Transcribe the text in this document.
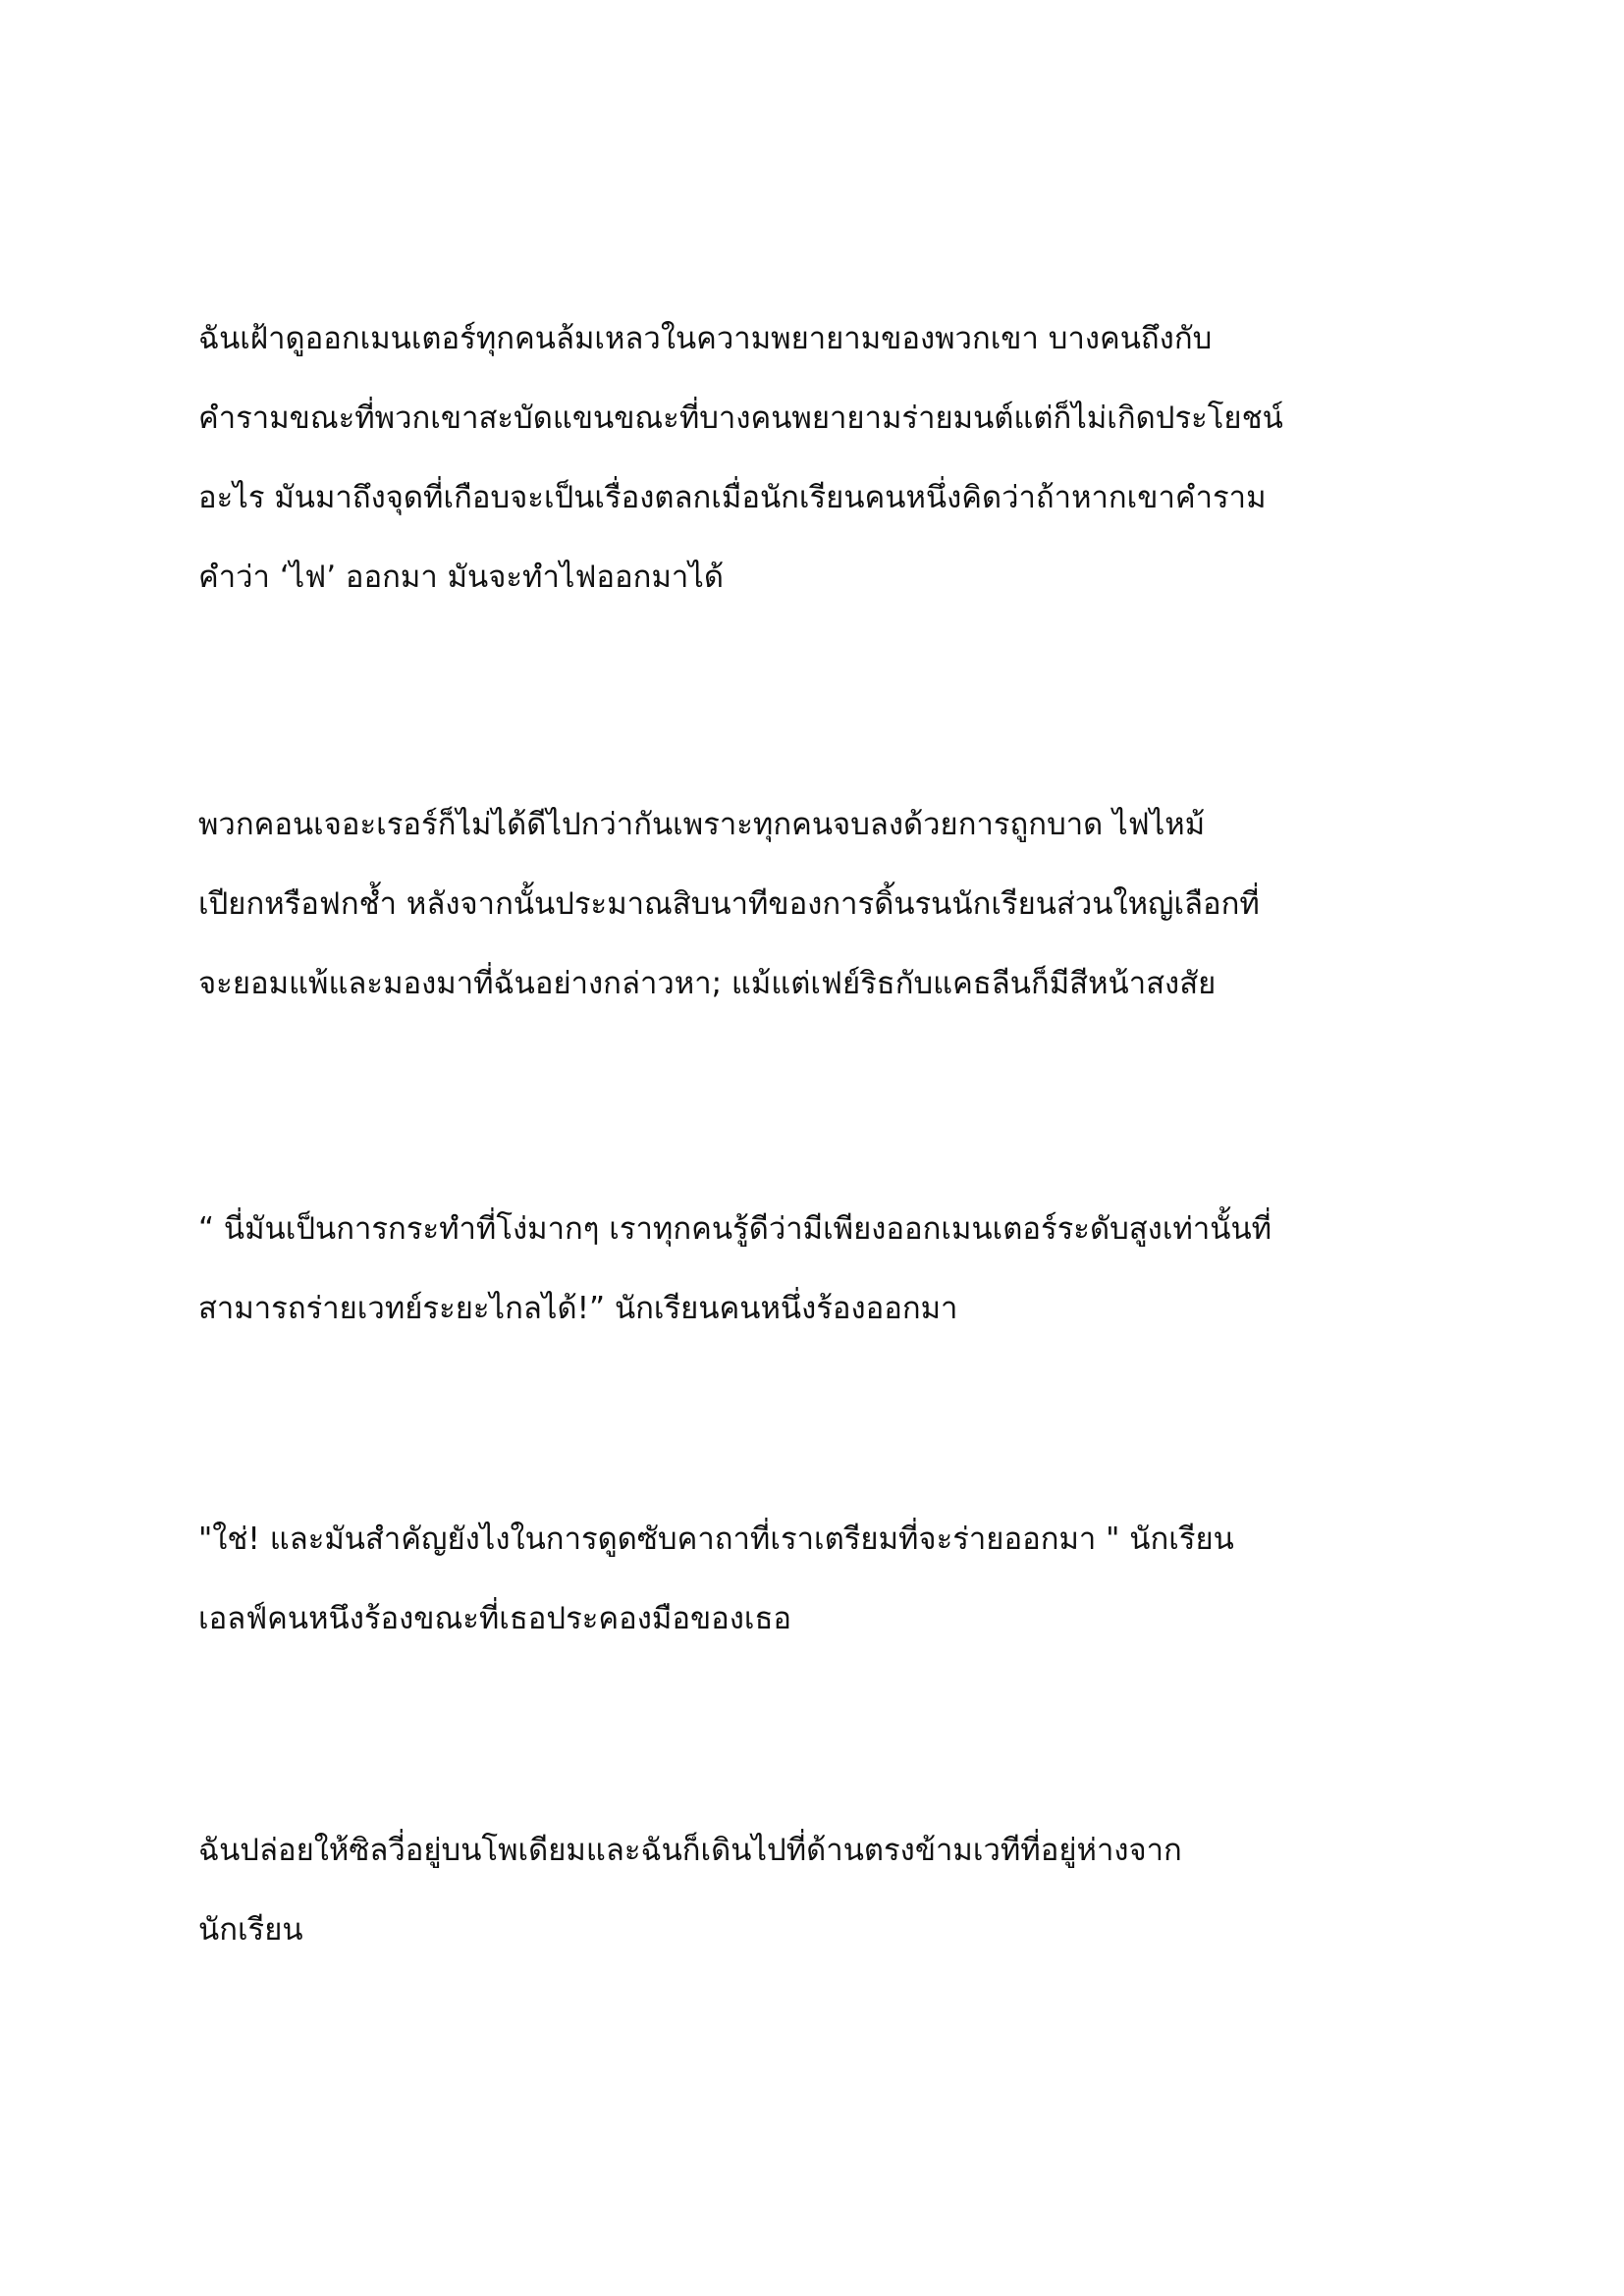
ฉันเฝ้าดูออกเมนเตอร์ทุกคนล้มเหลวในความพยายามของพวกเขา บางคนถึงกับ
คำรามขณะที่พวกเขาสะบัดแขนขณะที่บางคนพยายามร่ายมนต์แต่ก็ไม่เกิดประโยชน์
อะไร มันมาถึงจุดที่เกือบจะเป็นเรื่องตลกเมื่อนักเรียนคนหนึ่งคิดว่าถ้าหากเขาคำราม
คำว่า ‘ไฟ’ ออกมา มันจะทำไฟออกมาได้
พวกคอนเจอะเรอร์ก็ไม่ได้ดีไปกว่ากันเพราะทุกคนจบลงด้วยการถูกบาด ไฟไหม้
เปียกหรือฟกช้ำ หลังจากนั้นประมาณสิบนาทีของการดิ้นรนนักเรียนส่วนใหญ่เลือกที่
จะยอมแพ้และมองมาที่ฉันอย่างกล่าวหา; แม้แต่เฟย์ริธกับแคธลีนก็มีสีหน้าสงสัย
“ นี่มันเป็นการกระทำที่โง่มากๆ เราทุกคนรู้ดีว่ามีเพียงออกเมนเตอร์ระดับสูงเท่านั้นที่
สามารถร่ายเวทย์ระยะไกลได้!” นักเรียนคนหนึ่งร้องออกมา
"ใช่! และมันสำคัญยังไงในการดูดซับคาถาที่เราเตรียมที่จะร่ายออกมา " นักเรียน
เอลฟ์คนหนึงร้องขณะที่เธอประคองมือของเธอ
ฉันปล่อยให้ซิลวี่อยู่บนโพเดียมและฉันก็เดินไปที่ด้านตรงข้ามเวทีที่อยู่ห่างจาก
นักเรียน
